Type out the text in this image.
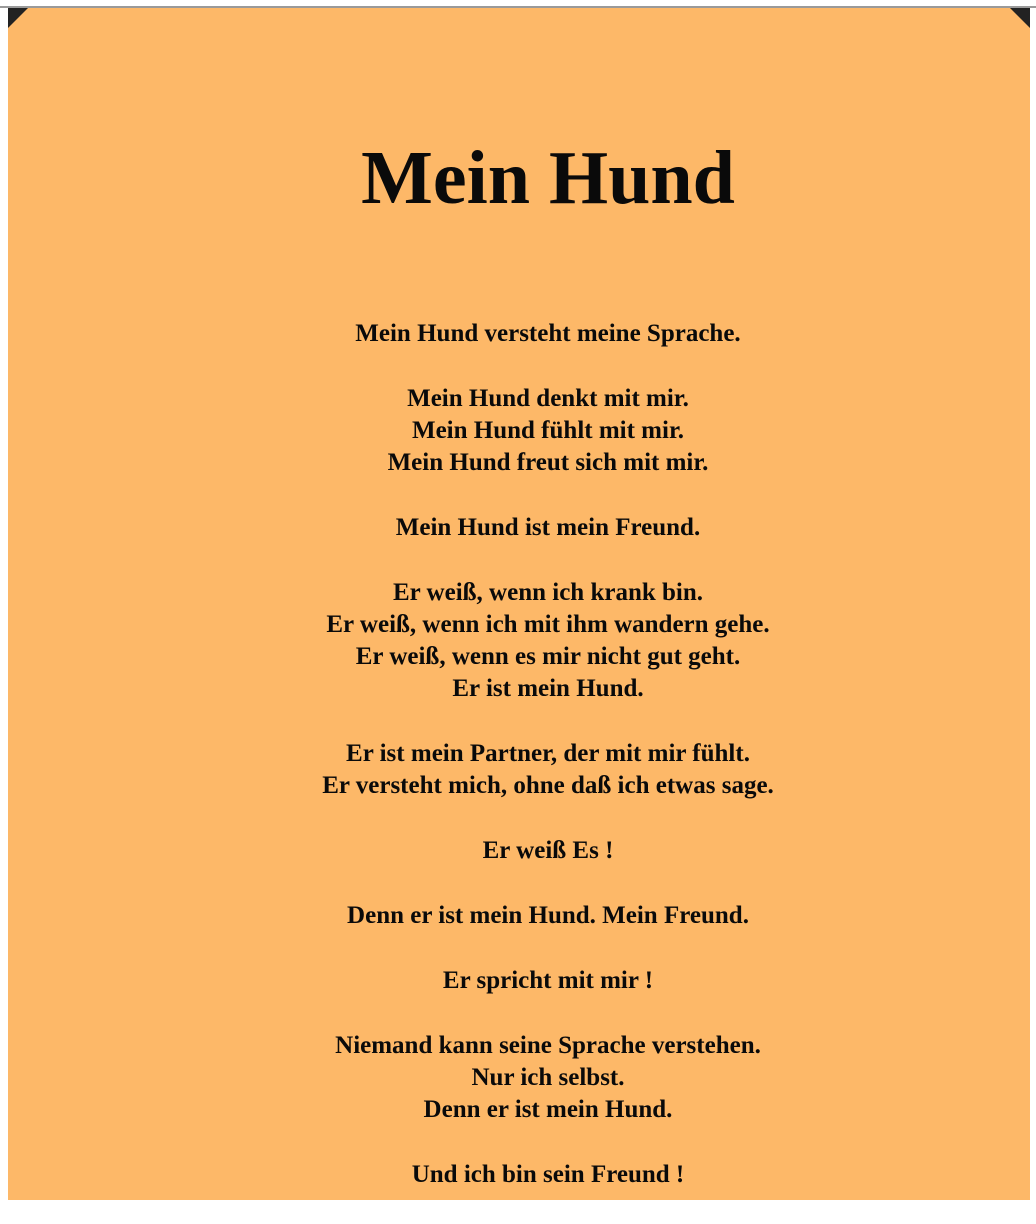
Mein Hund
Mein Hund versteht meine Sprache.
Mein Hund denkt mit mir.
Mein Hund fühlt mit mir.
Mein Hund freut sich mit mir.
Mein Hund ist mein Freund.
Er weiß, wenn ich krank bin.
Er weiß, wenn ich mit ihm wandern gehe.
Er weiß, wenn es mir nicht gut geht.
Er ist mein Hund.
Er ist mein Partner, der mit mir fühlt.
Er versteht mich, ohne daß ich etwas sage.
Er weiß Es !
Denn er ist mein Hund. Mein Freund.
Er spricht mit mir !
Niemand kann seine Sprache verstehen.
Nur ich selbst.
Denn er ist mein Hund.
Und ich bin sein Freund !
